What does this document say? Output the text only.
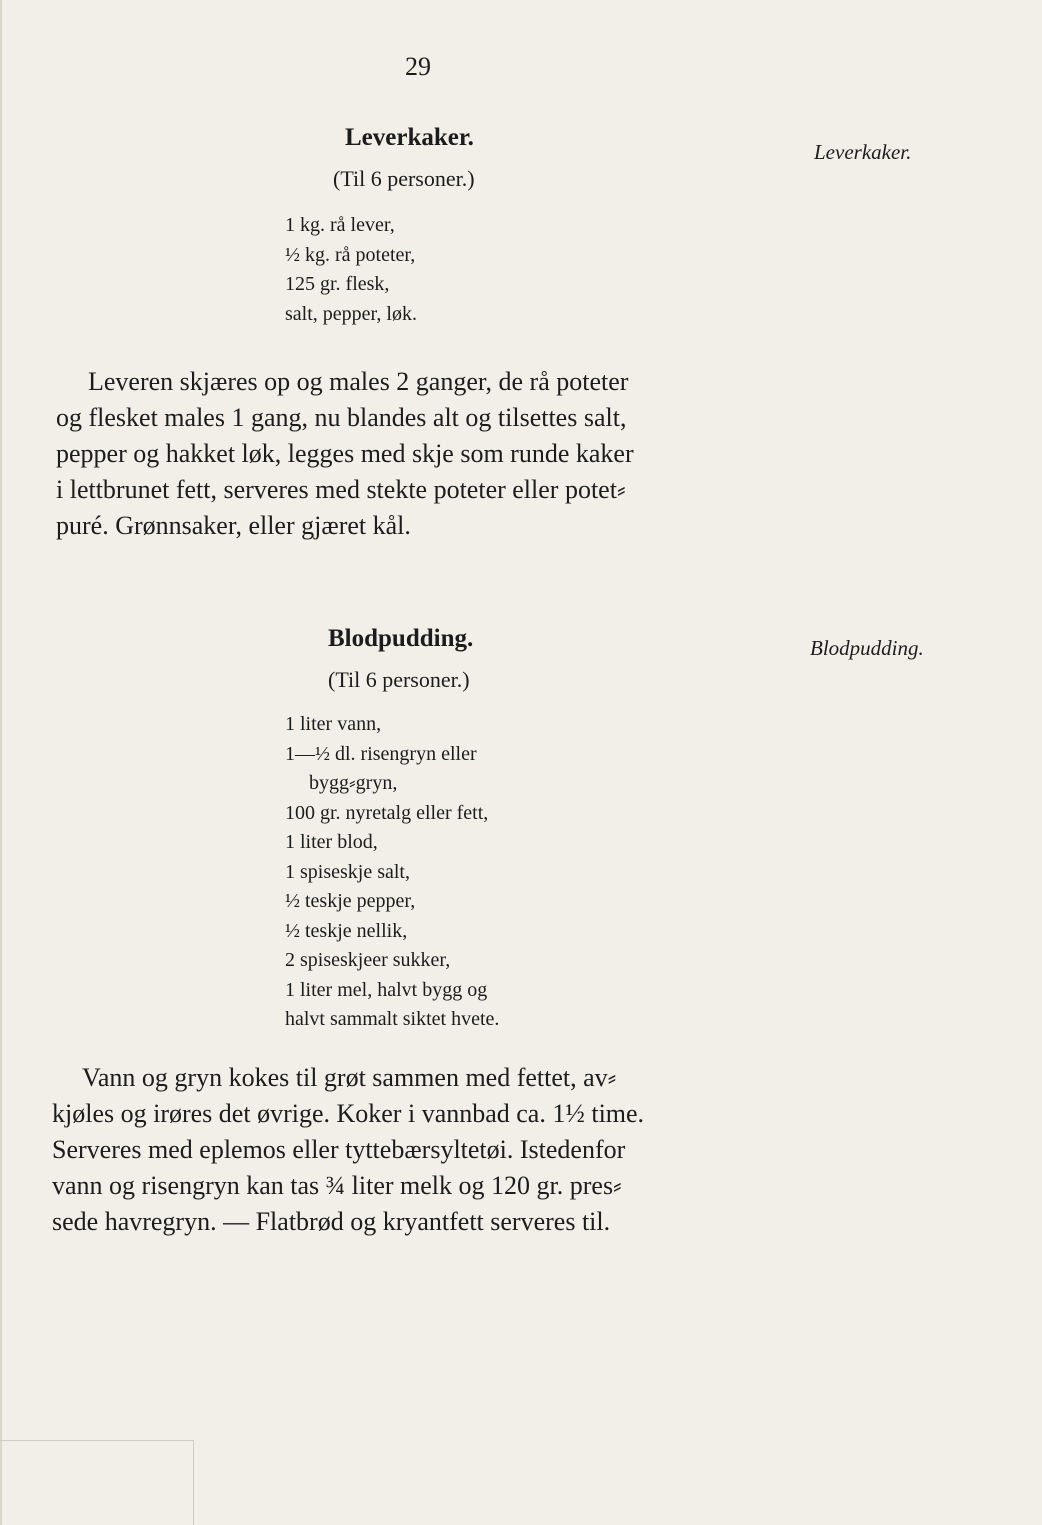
29
Leverkaker.
Leverkaker.
(Til 6 personer.)
1 kg. rå lever,
½ kg. rå poteter,
125 gr. flesk,
salt, pepper, løk.
Leveren skjæres op og males 2 ganger, de rå poteter
og flesket males 1 gang, nu blandes alt og tilsettes salt,
pepper og hakket løk, legges med skje som runde kaker
i lettbrunet fett, serveres med stekte poteter eller potet⸗
puré. Grønnsaker, eller gjæret kål.
Blodpudding.	Blodpudding.
(Til 6 personer.)
1 liter vann,
1—½ dl. risengryn eller
bygg⸗gryn,
100 gr. nyretalg eller fett,
1 liter blod,
1 spiseskje salt,
½ teskje pepper,
½ teskje nellik,
2 spiseskjeer sukker,
1 liter mel, halvt bygg og
halvt sammalt siktet hvete.
Vann og gryn kokes til grøt sammen med fettet, av⸗
kjøles og irøres det øvrige. Koker i vannbad ca. 1½ time.
Serveres med eplemos eller tyttebærsyltetøi. Istedenfor
vann og risengryn kan tas ¾ liter melk og 120 gr. pres⸗
sede havregryn. — Flatbrød og kryantfett serveres til.
